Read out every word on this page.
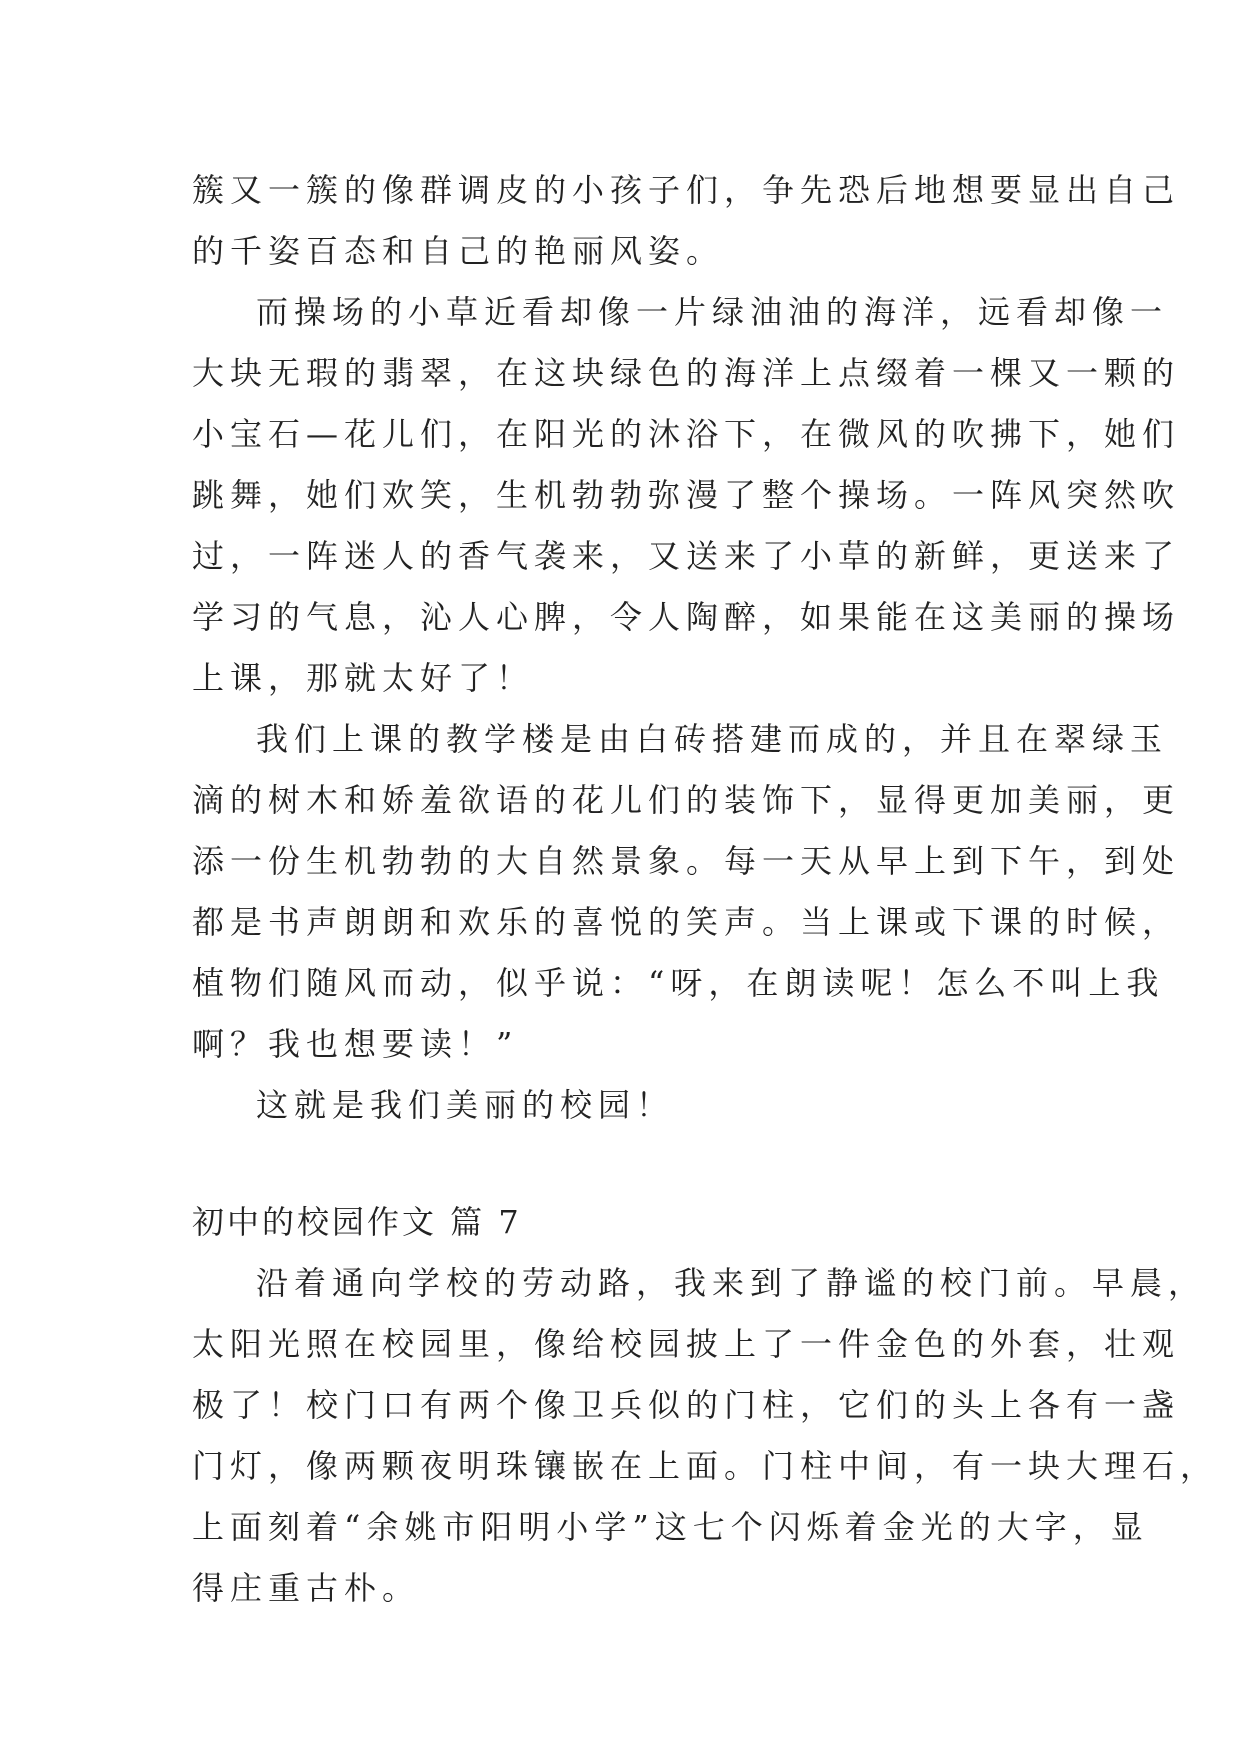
簇又一簇的像群调皮的小孩子们，争先恐后地想要显出自己
的千姿百态和自己的艳丽风姿。
而操场的小草近看却像一片绿油油的海洋，远看却像一
大块无瑕的翡翠，在这块绿色的海洋上点缀着一棵又一颗的
小宝石—花儿们，在阳光的沐浴下，在微风的吹拂下，她们
跳舞，她们欢笑，生机勃勃弥漫了整个操场。一阵风突然吹
过，一阵迷人的香气袭来，又送来了小草的新鲜，更送来了
学习的气息，沁人心脾，令人陶醉，如果能在这美丽的操场
上课，那就太好了！
我们上课的教学楼是由白砖搭建而成的，并且在翠绿玉
滴的树木和娇羞欲语的花儿们的装饰下，显得更加美丽，更
添一份生机勃勃的大自然景象。每一天从早上到下午，到处
都是书声朗朗和欢乐的喜悦的笑声。当上课或下课的时候，
植物们随风而动，似乎说：“呀，在朗读呢！怎么不叫上我
啊？我也想要读！”
这就是我们美丽的校园！
初中的校园作文 篇 7
沿着通向学校的劳动路，我来到了静谧的校门前。早晨，
太阳光照在校园里，像给校园披上了一件金色的外套，壮观
极了！校门口有两个像卫兵似的门柱，它们的头上各有一盏
门灯，像两颗夜明珠镶嵌在上面。门柱中间，有一块大理石，
上面刻着“余姚市阳明小学”这七个闪烁着金光的大字，显
得庄重古朴。
